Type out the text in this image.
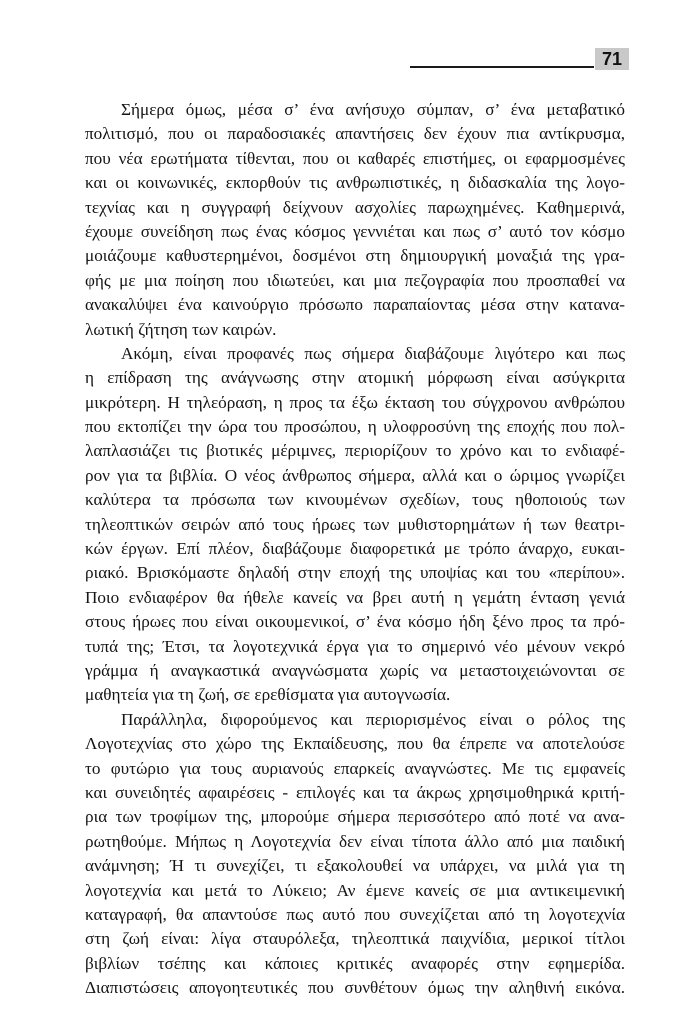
71
Σήμερα όμως, μέσα σ’ ένα ανήσυχο σύμπαν, σ’ ένα μεταβατικό
πολιτισμό, που οι παραδοσιακές απαντήσεις δεν έχουν πια αντίκρυσμα,
που νέα ερωτήματα τίθενται, που οι καθαρές επιστήμες, οι εφαρμοσμένες
και οι κοινωνικές, εκπορθούν τις ανθρωπιστικές, η διδασκαλία της λογο-
τεχνίας και η συγγραφή δείχνουν ασχολίες παρωχημένες. Καθημερινά,
έχουμε συνείδηση πως ένας κόσμος γεννιέται και πως σ’ αυτό τον κόσμο
μοιάζουμε καθυστερημένοι, δοσμένοι στη δημιουργική μοναξιά της γρα-
φής με μια ποίηση που ιδιωτεύει, και μια πεζογραφία που προσπαθεί να
ανακαλύψει ένα καινούργιο πρόσωπο παραπαίοντας μέσα στην κατανα-
λωτική ζήτηση των καιρών.
Ακόμη, είναι προφανές πως σήμερα διαβάζουμε λιγότερο και πως
η επίδραση της ανάγνωσης στην ατομική μόρφωση είναι ασύγκριτα
μικρότερη. Η τηλεόραση, η προς τα έξω έκταση του σύγχρονου ανθρώπου
που εκτοπίζει την ώρα του προσώπου, η υλοφροσύνη της εποχής που πολ-
λαπλασιάζει τις βιοτικές μέριμνες, περιορίζουν το χρόνο και το ενδιαφέ-
ρον για τα βιβλία. Ο νέος άνθρωπος σήμερα, αλλά και ο ώριμος γνωρίζει
καλύτερα τα πρόσωπα των κινουμένων σχεδίων, τους ηθοποιούς των
τηλεοπτικών σειρών από τους ήρωες των μυθιστορημάτων ή των θεατρι-
κών έργων. Επί πλέον, διαβάζουμε διαφορετικά με τρόπο άναρχο, ευκαι-
ριακό. Βρισκόμαστε δηλαδή στην εποχή της υποψίας και του «περίπου».
Ποιο ενδιαφέρον θα ήθελε κανείς να βρει αυτή η γεμάτη ένταση γενιά
στους ήρωες που είναι οικουμενικοί, σ’ ένα κόσμο ήδη ξένο προς τα πρό-
τυπά της; Έτσι, τα λογοτεχνικά έργα για το σημερινό νέο μένουν νεκρό
γράμμα ή αναγκαστικά αναγνώσματα χωρίς να μεταστοιχειώνονται σε
μαθητεία για τη ζωή, σε ερεθίσματα για αυτογνωσία.
Παράλληλα, διφορούμενος και περιορισμένος είναι ο ρόλος της
Λογοτεχνίας στο χώρο της Εκπαίδευσης, που θα έπρεπε να αποτελούσε
το φυτώριο για τους αυριανούς επαρκείς αναγνώστες. Με τις εμφανείς
και συνειδητές αφαιρέσεις - επιλογές και τα άκρως χρησιμοθηρικά κριτή-
ρια των τροφίμων της, μπορούμε σήμερα περισσότερο από ποτέ να ανα-
ρωτηθούμε. Μήπως η Λογοτεχνία δεν είναι τίποτα άλλο από μια παιδική
ανάμνηση; Ή τι συνεχίζει, τι εξακολουθεί να υπάρχει, να μιλά για τη
λογοτεχνία και μετά το Λύκειο; Αν έμενε κανείς σε μια αντικειμενική
καταγραφή, θα απαντούσε πως αυτό που συνεχίζεται από τη λογοτεχνία
στη ζωή είναι: λίγα σταυρόλεξα, τηλεοπτικά παιχνίδια, μερικοί τίτλοι
βιβλίων τσέπης και κάποιες κριτικές αναφορές στην εφημερίδα.
Διαπιστώσεις απογοητευτικές που συνθέτουν όμως την αληθινή εικόνα.
